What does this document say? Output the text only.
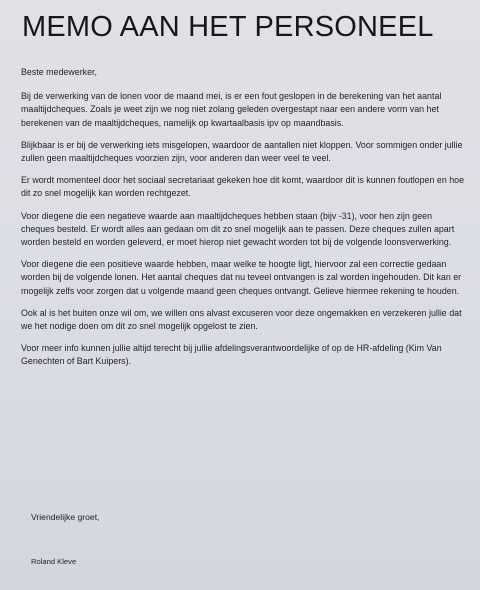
MEMO AAN HET PERSONEEL

Beste medewerker,

Bij de verwerking van de lonen voor de maand mei, is er een fout geslopen in de berekening van het aantal maaltijdcheques. Zoals je weet zijn we nog niet zolang geleden overgestapt naar een andere vorm van het berekenen van de maaltijdcheques, namelijk op kwartaalbasis ipv op maandbasis.

Blijkbaar is er bij de verwerking iets misgelopen, waardoor de aantallen niet kloppen. Voor sommigen onder jullie zullen geen maaltijdcheques voorzien zijn, voor anderen dan weer veel te veel.

Er wordt momenteel door het sociaal secretariaat gekeken hoe dit komt, waardoor dit is kunnen foutlopen en hoe dit zo snel mogelijk kan worden rechtgezet.

Voor diegene die een negatieve waarde aan maaltijdcheques hebben staan (bijv -31), voor hen zijn geen cheques besteld. Er wordt alles aan gedaan om dit zo snel mogelijk aan te passen. Deze cheques zullen apart worden besteld en worden geleverd, er moet hierop niet gewacht worden tot bij de volgende loonsverwerking.

Voor diegene die een positieve waarde hebben, maar welke te hoogte ligt, hiervoor zal een correctie gedaan worden bij de volgende lonen. Het aantal cheques dat nu teveel ontvangen is zal worden ingehouden. Dit kan er mogelijk zelfs voor zorgen dat u volgende maand geen cheques ontvangt. Gelieve hiermee rekening te houden.

Ook al is het buiten onze wil om, we willen ons alvast excuseren voor deze ongemakken en verzekeren jullie dat we het nodige doen om dit zo snel mogelijk opgelost te zien.

Voor meer info kunnen jullie altijd terecht bij jullie afdelingsverantwoordelijke of op de HR-afdeling (Kim Van Genechten of Bart Kuipers).

Vriendelijke groet,
Roland Kleve
